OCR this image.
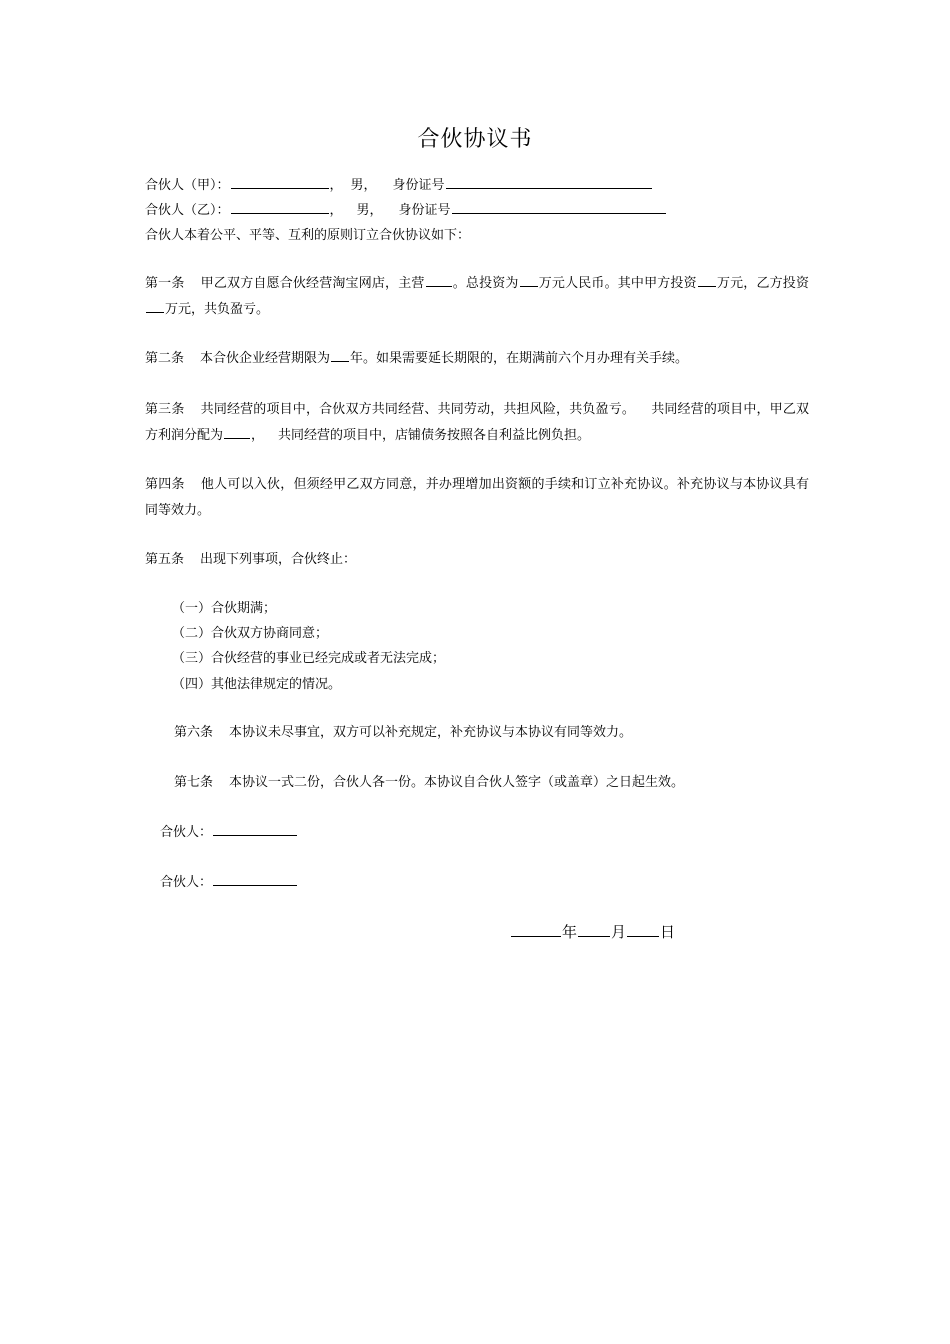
合伙协议书
合伙人（甲）：	， 男， 身份证号
合伙人（乙）：	， 男， 身份证号
合伙人本着公平、平等、互利的原则订立合伙协议如下：
第一条 甲乙双方自愿合伙经营淘宝网店，主营 。总投资为 万元人民币。其中甲方投资 万元，乙方投资万元，共负盈亏。
第二条 本合伙企业经营期限为 年。如果需要延长期限的，在期满前六个月办理有关手续。
第三条 共同经营的项目中，合伙双方共同经营、共同劳动，共担风险，共负盈亏。 共同经营的项目中，甲乙双方利润分配为 ， 共同经营的项目中，店铺债务按照各自利益比例负担。
第四条 他人可以入伙，但须经甲乙双方同意，并办理增加出资额的手续和订立补充协议。补充协议与本协议具有同等效力。
第五条 出现下列事项，合伙终止：
（一）合伙期满；
（二）合伙双方协商同意；
（三）合伙经营的事业已经完成或者无法完成；
（四）其他法律规定的情况。
第六条 本协议未尽事宜，双方可以补充规定，补充协议与本协议有同等效力。
第七条 本协议一式二份，合伙人各一份。本协议自合伙人签字（或盖章）之日起生效。
合伙人：
合伙人：
年 月 日
